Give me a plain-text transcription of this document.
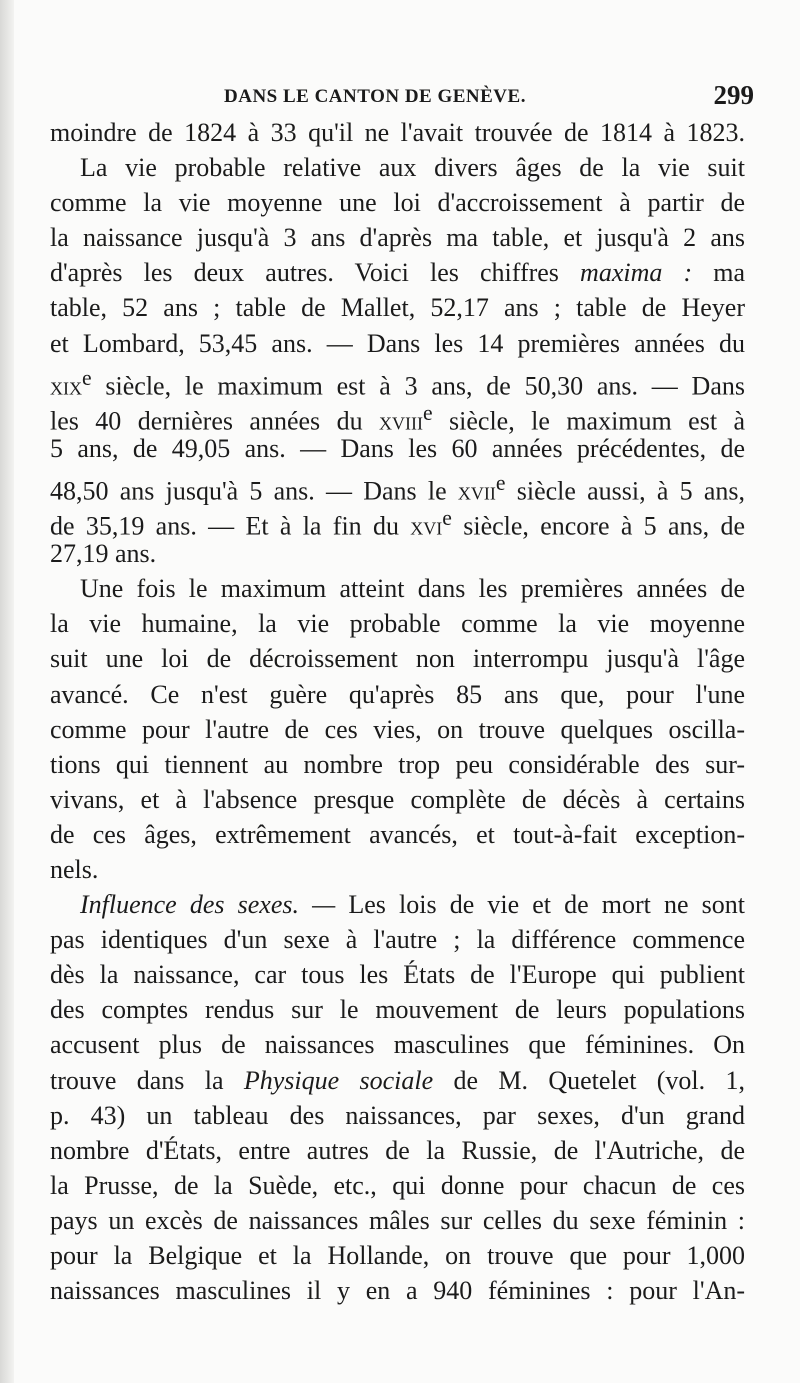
DANS LE CANTON DE GENÈVE.	299
moindre de 1824 à 33 qu'il ne l'avait trouvée de 1814 à 1823.
La vie probable relative aux divers âges de la vie suit
comme la vie moyenne une loi d'accroissement à partir de
la naissance jusqu'à 3 ans d'après ma table, et jusqu'à 2 ans
d'après les deux autres. Voici les chiffres maxima : ma
table, 52 ans ; table de Mallet, 52,17 ans ; table de Heyer
et Lombard, 53,45 ans. — Dans les 14 premières années du
xix$^e$ siècle, le maximum est à 3 ans, de 50,30 ans. — Dans
les 40 dernières années du xviii$^e$ siècle, le maximum est à
5 ans, de 49,05 ans. — Dans les 60 années précédentes, de
48,50 ans jusqu'à 5 ans. — Dans le xvii$^e$ siècle aussi, à 5 ans,
de 35,19 ans. — Et à la fin du xvi$^e$ siècle, encore à 5 ans, de
27,19 ans.
Une fois le maximum atteint dans les premières années de
la vie humaine, la vie probable comme la vie moyenne
suit une loi de décroissement non interrompu jusqu'à l'âge
avancé. Ce n'est guère qu'après 85 ans que, pour l'une
comme pour l'autre de ces vies, on trouve quelques oscilla-
tions qui tiennent au nombre trop peu considérable des sur-
vivans, et à l'absence presque complète de décès à certains
de ces âges, extrêmement avancés, et tout-à-fait exception-
nels.
Influence des sexes. — Les lois de vie et de mort ne sont
pas identiques d'un sexe à l'autre ; la différence commence
dès la naissance, car tous les États de l'Europe qui publient
des comptes rendus sur le mouvement de leurs populations
accusent plus de naissances masculines que féminines. On
trouve dans la Physique sociale de M. Quetelet (vol. 1,
p. 43) un tableau des naissances, par sexes, d'un grand
nombre d'États, entre autres de la Russie, de l'Autriche, de
la Prusse, de la Suède, etc., qui donne pour chacun de ces
pays un excès de naissances mâles sur celles du sexe féminin :
pour la Belgique et la Hollande, on trouve que pour 1,000
naissances masculines il y en a 940 féminines : pour l'An-
